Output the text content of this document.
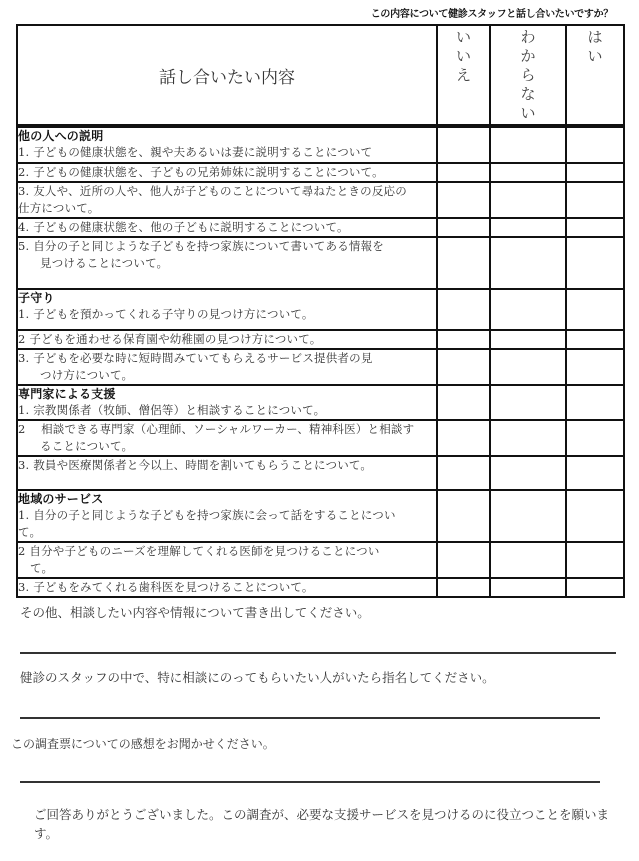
この内容について健診スタッフと話し合いたいですか？
話し合いたい内容	いいえ	わからない	はい

他の人への説明
1. 子どもの健康状態を、親や夫あるいは妻に説明することについて			
2. 子どもの健康状態を、子どもの兄弟姉妹に説明することについて。			
3. 友人や、近所の人や、他人が子どものことについて尋ねたときの反応の
仕方について。			
4. 子どもの健康状態を、他の子どもに説明することについて。			
5. 自分の子と同じような子どもを持つ家族について書いてある情報を
見つけることについて。			

子守り
1. 子どもを預かってくれる子守りの見つけ方について。			
2 子どもを通わせる保育園や幼稚園の見つけ方について。			
3. 子どもを必要な時に短時間みていてもらえるサービス提供者の見
つけ方について。			

専門家による支援
1. 宗教関係者（牧師、僧侶等）と相談することについて。			
2　 相談できる専門家（心理師、ソーシャルワーカー、精神科医）と相談す
ることについて。			

3. 教員や医療関係者と今以上、時間を割いてもらうことについて。			

地域のサービス
1. 自分の子と同じような子どもを持つ家族に会って話をすることについ
て。			
2 自分や子どものニーズを理解してくれる医師を見つけることについ
て。			

3. 子どもをみてくれる歯科医を見つけることについて。			
その他、相談したい内容や情報について書き出してください。
健診のスタッフの中で、特に相談にのってもらいたい人がいたら指名してください。
この調査票についての感想をお聞かせください。
ご回答ありがとうございました。この調査が、必要な支援サービスを見つけるのに役立つことを願います。
